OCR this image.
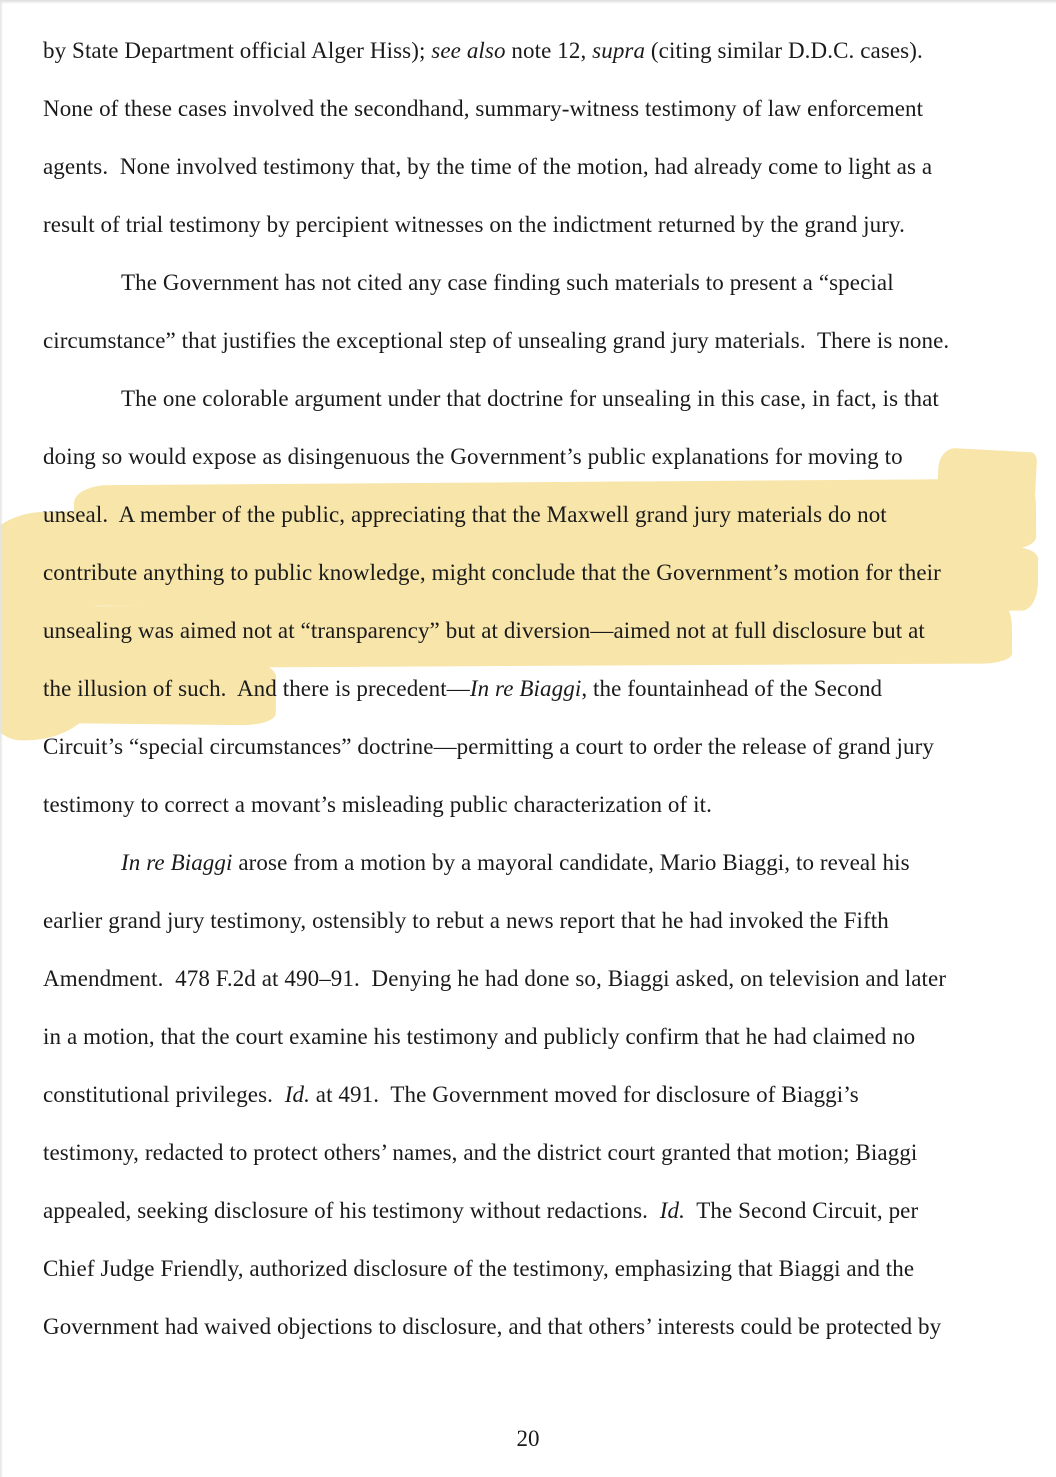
by State Department official Alger Hiss); see also note 12, supra (citing similar D.D.C. cases).
None of these cases involved the secondhand, summary-witness testimony of law enforcement
agents.  None involved testimony that, by the time of the motion, had already come to light as a
result of trial testimony by percipient witnesses on the indictment returned by the grand jury.
The Government has not cited any case finding such materials to present a “special
circumstance” that justifies the exceptional step of unsealing grand jury materials.  There is none.
The one colorable argument under that doctrine for unsealing in this case, in fact, is that
doing so would expose as disingenuous the Government’s public explanations for moving to
unseal.  A member of the public, appreciating that the Maxwell grand jury materials do not
contribute anything to public knowledge, might conclude that the Government’s motion for their
unsealing was aimed not at “transparency” but at diversion—aimed not at full disclosure but at
the illusion of such.  And there is precedent—In re Biaggi, the fountainhead of the Second
Circuit’s “special circumstances” doctrine—permitting a court to order the release of grand jury
testimony to correct a movant’s misleading public characterization of it.
In re Biaggi arose from a motion by a mayoral candidate, Mario Biaggi, to reveal his
earlier grand jury testimony, ostensibly to rebut a news report that he had invoked the Fifth
Amendment.  478 F.2d at 490–91.  Denying he had done so, Biaggi asked, on television and later
in a motion, that the court examine his testimony and publicly confirm that he had claimed no
constitutional privileges.  Id. at 491.  The Government moved for disclosure of Biaggi’s
testimony, redacted to protect others’ names, and the district court granted that motion; Biaggi
appealed, seeking disclosure of his testimony without redactions.  Id.  The Second Circuit, per
Chief Judge Friendly, authorized disclosure of the testimony, emphasizing that Biaggi and the
Government had waived objections to disclosure, and that others’ interests could be protected by
20
